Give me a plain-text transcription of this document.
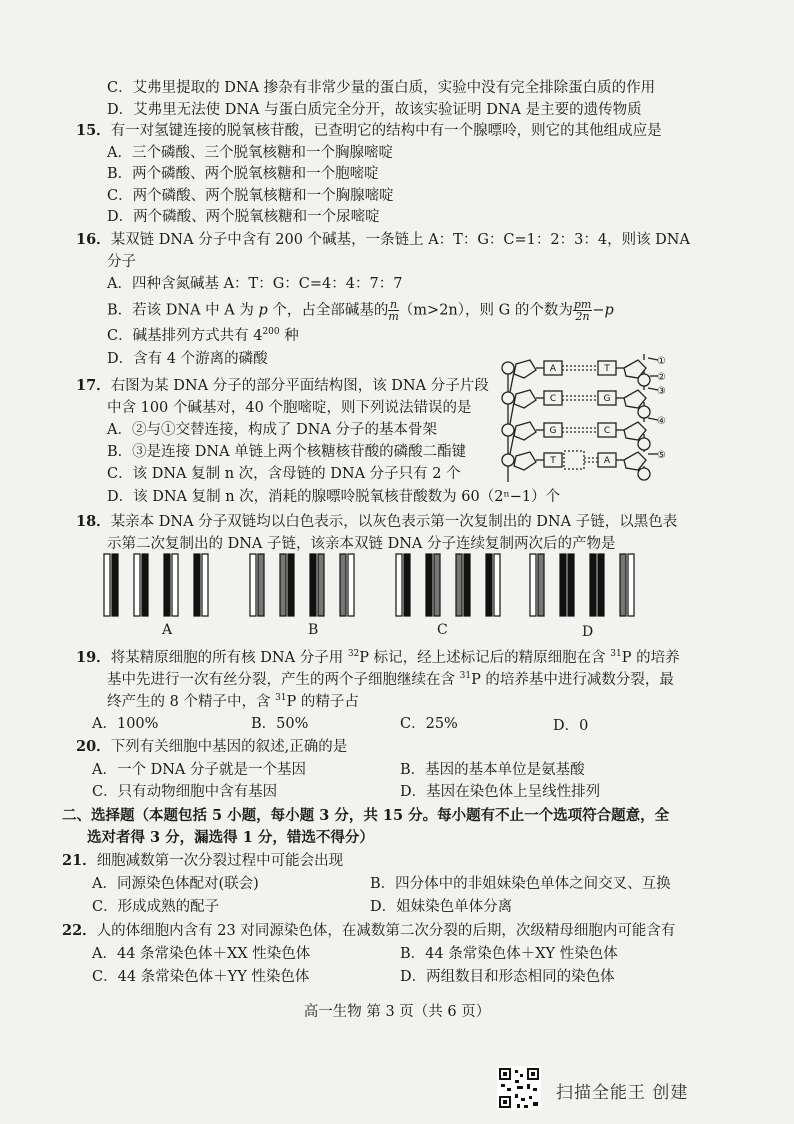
C．艾弗里提取的 DNA 掺杂有非常少量的蛋白质，实验中没有完全排除蛋白质的作用
D．艾弗里无法使 DNA 与蛋白质完全分开，故该实验证明 DNA 是主要的遗传物质
15．有一对氢键连接的脱氧核苷酸，已查明它的结构中有一个腺嘌呤，则它的其他组成应是
A．三个磷酸、三个脱氧核糖和一个胸腺嘧啶
B．两个磷酸、两个脱氧核糖和一个胞嘧啶
C．两个磷酸、两个脱氧核糖和一个胸腺嘧啶
D．两个磷酸、两个脱氧核糖和一个尿嘧啶
16．某双链 DNA 分子中含有 200 个碱基，一条链上 A：T：G：C=1：2：3：4，则该 DNA
分子
A．四种含氮碱基 A：T：G：C=4：4：7：7
B．若该 DNA 中 A 为 p 个，占全部碱基的 $\frac{n}{m} (m>2n)$，则 G 的个数为 $\frac{pm}{2n} -p$
C．碱基排列方式共有 $4^{200}$ 种
D．含有 4 个游离的磷酸
17．右图为某 DNA 分子的部分平面结构图，该 DNA 分子片段
中含 100 个碱基对，40 个胞嘧啶，则下列说法错误的是
A．②与①交替连接，构成了 DNA 分子的基本骨架
B．③是连接 DNA 单链上两个核糖核苷酸的磷酸二酯键
C．该 DNA 复制 n 次，含母链的 DNA 分子只有 2 个
D．该 DNA 复制 n 次，消耗的腺嘌呤脱氧核苷酸数为 60（2ⁿ−1）个
A
C
G
T
T
G
C
A
①
②
③
④
⑤
18．某亲本 DNA 分子双链均以白色表示，以灰色表示第一次复制出的 DNA 子链，以黑色表
示第二次复制出的 DNA 子链，该亲本双链 DNA 分子连续复制两次后的产物是
A	B	C	D
19．将某精原细胞的所有核 DNA 分子用 $^{32}$P 标记，经上述标记后的精原细胞在含 $^{31}$P 的培养
基中先进行一次有丝分裂，产生的两个子细胞继续在含 $^{31}$P 的培养基中进行减数分裂，最
终产生的 8 个精子中，含 $^{31}$P 的精子占
A．100%	B．50%	C．25%	D．0
20．下列有关细胞中基因的叙述,正确的是
A．一个 DNA 分子就是一个基因	B．基因的基本单位是氨基酸
C．只有动物细胞中含有基因	D．基因在染色体上呈线性排列
二、选择题（本题包括 5 小题，每小题 3 分，共 15 分。每小题有不止一个选项符合题意，全
选对者得 3 分，漏选得 1 分，错选不得分）
21．细胞减数第一次分裂过程中可能会出现
A．同源染色体配对(联会)	B．四分体中的非姐妹染色单体之间交叉、互换
C．形成成熟的配子	D．姐妹染色单体分离
22．人的体细胞内含有 23 对同源染色体，在减数第二次分裂的后期，次级精母细胞内可能含有
A．44 条常染色体＋XX 性染色体	B．44 条常染色体＋XY 性染色体
C．44 条常染色体＋YY 性染色体	D．两组数目和形态相同的染色体
高一生物 第 3 页（共 6 页）
扫描全能王 创建
